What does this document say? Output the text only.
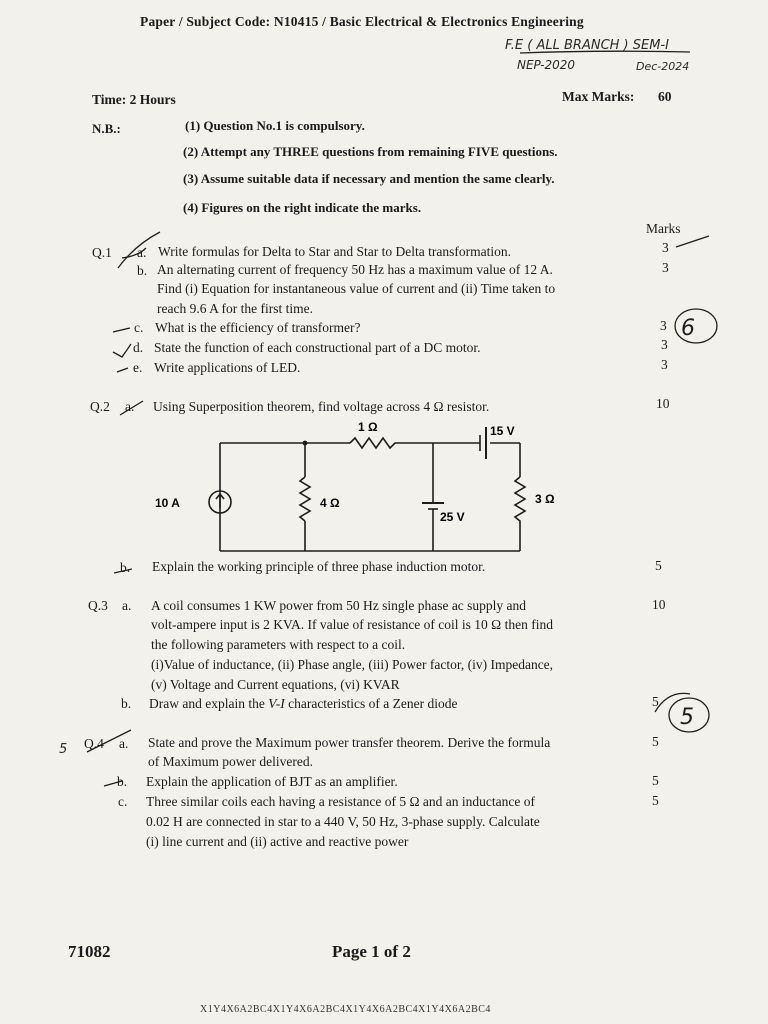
Paper / Subject Code: N10415 / Basic Electrical & Electronics Engineering
F.E ( ALL BRANCH ) SEM-I
NEP-2020	Dec-2024
Time: 2 Hours	Max Marks: 60
N.B.:	(1) Question No.1 is compulsory.
(2) Attempt any THREE questions from remaining FIVE questions.
(3) Assume suitable data if necessary and mention the same clearly.
(4) Figures on the right indicate the marks.
Marks
Q.1 a. Write formulas for Delta to Star and Star to Delta transformation.	3
b. An alternating current of frequency 50 Hz has a maximum value of 12 A.
Find (i) Equation for instantaneous value of current and (ii) Time taken to
reach 9.6 A for the first time.
3
c. What is the efficiency of transformer?	3
d. State the function of each constructional part of a DC motor.	3
e. Write applications of LED.	3
Q.2 a. Using Superposition theorem, find voltage across 4 Ω resistor.	10
1 Ω	15 V
10 A	4 Ω
25 V
3 Ω
b. Explain the working principle of three phase induction motor.	5
Q.3 a. A coil consumes 1 KW power from 50 Hz single phase ac supply and
volt-ampere input is 2 KVA. If value of resistance of coil is 10 Ω then find
the following parameters with respect to a coil.
(i)Value of inductance, (ii) Phase angle, (iii) Power factor, (iv) Impedance,
(v) Voltage and Current equations, (vi) KVAR
10
b. Draw and explain the V-I characteristics of a Zener diode	5
5 Q.4 a. State and prove the Maximum power transfer theorem. Derive the formula
of Maximum power delivered.
5
b. Explain the application of BJT as an amplifier.	5
c. Three similar coils each having a resistance of 5 Ω and an inductance of
0.02 H are connected in star to a 440 V, 50 Hz, 3-phase supply. Calculate
(i) line current and (ii) active and reactive power
5
6
5
71082	Page 1 of 2
X1Y4X6A2BC4X1Y4X6A2BC4X1Y4X6A2BC4X1Y4X6A2BC4
